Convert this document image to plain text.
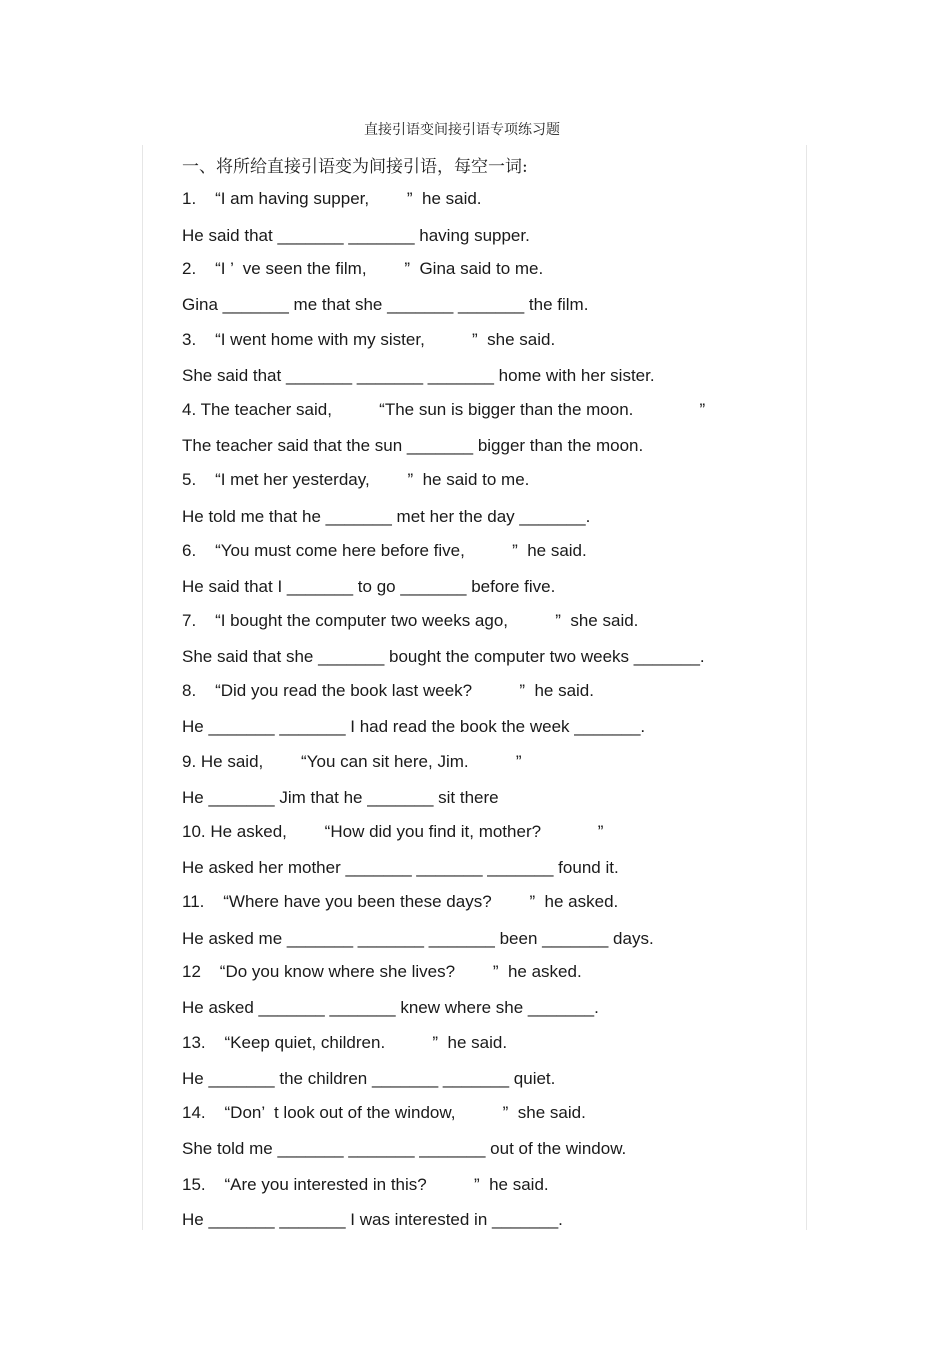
直接引语变间接引语专项练习题
一、将所给直接引语变为间接引语，每空一词:
1.    “I am having supper,        ”  he said.
He said that _______ _______ having supper.
2.    “I ’  ve seen the film,        ”  Gina said to me.
Gina _______ me that she _______ _______ the film.
3.    “I went home with my sister,          ”  she said.
She said that _______ _______ _______ home with her sister.
4. The teacher said,          “The sun is bigger than the moon.              ”
The teacher said that the sun _______ bigger than the moon.
5.    “I met her yesterday,        ”  he said to me.
He told me that he _______ met her the day _______.
6.    “You must come here before five,          ”  he said.
He said that I _______ to go _______ before five.
7.    “I bought the computer two weeks ago,          ”  she said.
She said that she _______ bought the computer two weeks _______.
8.    “Did you read the book last week?          ”  he said.
He _______ _______ I had read the book the week _______.
9. He said,        “You can sit here, Jim.          ”
He _______ Jim that he _______ sit there
10. He asked,        “How did you find it, mother?            ”
He asked her mother _______ _______ _______ found it.
11.    “Where have you been these days?        ”  he asked.
He asked me _______ _______ _______ been _______ days.
12    “Do you know where she lives?        ”  he asked.
He asked _______ _______ knew where she _______.
13.    “Keep quiet, children.          ”  he said.
He _______ the children _______ _______ quiet.
14.    “Don’  t look out of the window,          ”  she said.
She told me _______ _______ _______ out of the window.
15.    “Are you interested in this?          ”  he said.
He _______ _______ I was interested in _______.
